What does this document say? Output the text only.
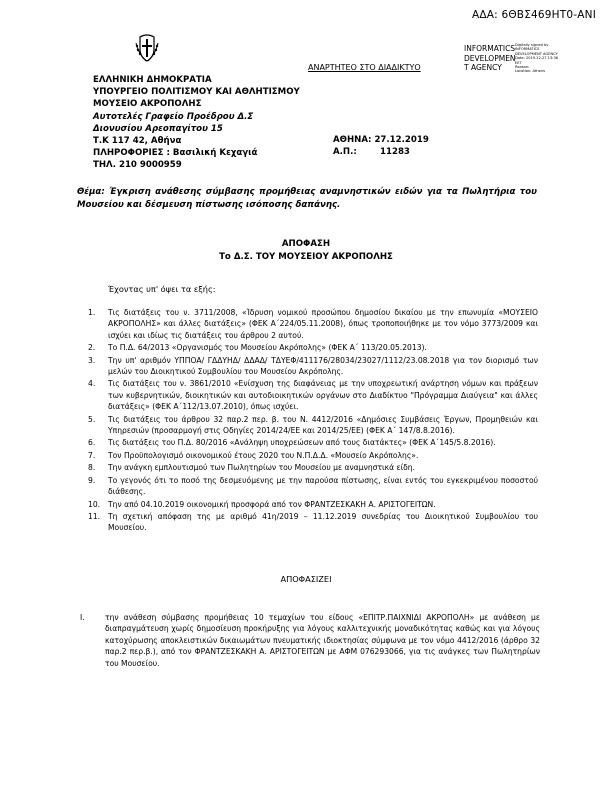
ΑΔΑ: 6ΘΒΣ469ΗΤ0-ΑΝΙ
ΑΝΑΡΤΗΤΕΟ ΣΤΟ ΔΙΑΔΙΚΤΥΟ
INFORMATICS
DEVELOPMEN
T AGENCY
Digitally signed by
INFORMATICS
DEVELOPMENT AGENCY
Date: 2019.12.27 13:36
EET
Reason:
Location: Athens
ΕΛΛΗΝΙΚΗ ΔΗΜΟΚΡΑΤΙΑ
ΥΠΟΥΡΓΕΙΟ ΠΟΛΙΤΙΣΜΟΥ ΚΑΙ ΑΘΛΗΤΙΣΜΟΥ
ΜΟΥΣΕΙΟ ΑΚΡΟΠΟΛΗΣ
Αυτοτελές Γραφείο Προέδρου Δ.Σ
Διονυσίου Αρεοπαγίτου 15
Τ.Κ 117 42, Αθήνα
ΠΛΗΡΟΦΟΡΙΕΣ : Βασιλική Κεχαγιά
ΤΗΛ. 210 9000959
ΑΘΗΝΑ: 27.12.2019
Α.Π.:	11283
Θέμα: Έγκριση ανάθεσης σύμβασης προμήθειας αναμνηστικών ειδών για τα Πωλητήρια του Μουσείου και δέσμευση πίστωσης ισόποσης δαπάνης.
ΑΠΟΦΑΣΗ
Το Δ.Σ. ΤΟΥ ΜΟΥΣΕΙΟΥ ΑΚΡΟΠΟΛΗΣ
Έχοντας υπ' όψει τα εξής:
1. Τις διατάξεις του ν. 3711/2008, «Ίδρυση νομικού προσώπου δημοσίου δικαίου με την επωνυμία «ΜΟΥΣΕΙΟ ΑΚΡΟΠΟΛΗΣ» και άλλες διατάξεις» (ΦΕΚ Α΄224/05.11.2008), όπως τροποποιήθηκε με τον νόμο 3773/2009 και ισχύει και ιδίως τις διατάξεις του άρθρου 2 αυτού.
2. Το Π.Δ. 64/2013 «Οργανισμός του Μουσείου Ακρόπολης» (ΦΕΚ Α΄ 113/20.05.2013).
3. Την υπ' αριθμόν ΥΠΠΟΑ/ ΓΔΔΥΗΔ/ ΔΔΑΔ/ ΤΔΥΕΦ/411176/28034/23027/1112/23.08.2018 για τον διορισμό των μελών του Διοικητικού Συμβουλίου του Μουσείου Ακρόπολης.
4. Τις διατάξεις του ν. 3861/2010 «Ενίσχυση της διαφάνειας με την υποχρεωτική ανάρτηση νόμων και πράξεων των κυβερνητικών, διοικητικών και αυτοδιοικητικών οργάνων στο Διαδίκτυο "Πρόγραμμα Διαύγεια" και άλλες διατάξεις» (ΦΕΚ Α΄112/13.07.2010), όπως ισχύει.
5. Τις διατάξεις του άρθρου 32 παρ.2 περ. β. του Ν. 4412/2016 «Δημόσιες Συμβάσεις Έργων, Προμηθειών και Υπηρεσιών (προσαρμογή στις Οδηγίες 2014/24/ΕΕ και 2014/25/ΕΕ) (ΦΕΚ Α΄ 147/8.8.2016).
6. Τις διατάξεις του Π.Δ. 80/2016 «Ανάληψη υποχρεώσεων από τους διατάκτες» (ΦΕΚ Α΄145/5.8.2016).
7. Τον Προϋπολογισμό οικονομικού έτους 2020 του Ν.Π.Δ.Δ. «Μουσείο Ακρόπολης».
8. Την ανάγκη εμπλουτισμού των Πωλητηρίων του Μουσείου με αναμνηστικά είδη.
9. Το γεγονός ότι το ποσό της δεσμευόμενης με την παρούσα πίστωσης, είναι εντός του εγκεκριμένου ποσοστού διάθεσης.
10. Την από 04.10.2019 οικονομική προσφορά από τον ΦΡΑΝΤΖΕΣΚΑΚΗ Α. ΑΡΙΣΤΟΓΕΙΤΩΝ.
11. Τη σχετική απόφαση της με αριθμό 41η/2019 – 11.12.2019 συνεδρίας του Διοικητικού Συμβουλίου του Μουσείου.
ΑΠΟΦΑΣΙΖΕΙ
I.	την ανάθεση σύμβασης προμήθειας 10 τεμαχίων του είδους «ΕΠΙΤΡ.ΠΑΙΧΝΙΔΙ ΑΚΡΟΠΟΛΗ» με ανάθεση με διαπραγμάτευση χωρίς δημοσίευση προκήρυξης για λόγους καλλιτεχνικής μοναδικότητας καθώς και για λόγους κατοχύρωσης αποκλειστικών δικαιωμάτων πνευματικής ιδιοκτησίας σύμφωνα με τον νόμο 4412/2016 (άρθρο 32 παρ.2 περ.β.), από τον ΦΡΑΝΤΖΕΣΚΑΚΗ Α. ΑΡΙΣΤΟΓΕΙΤΩΝ με ΑΦΜ 076293066, για τις ανάγκες των Πωλητηρίων του Μουσείου.
